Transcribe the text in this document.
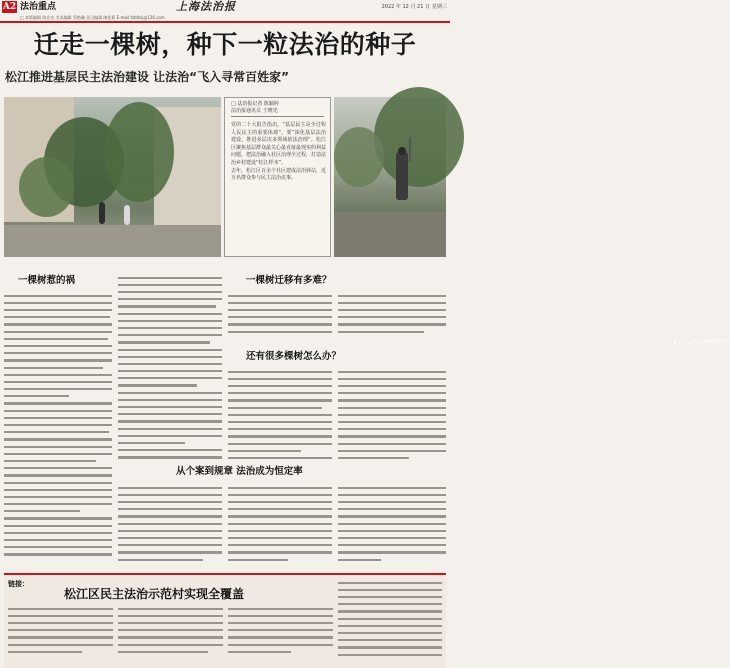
A2 法治重点	上海法治报	2022 年 12 月 21 日 星期三
□ 本版编辑 陈宏光 美术编辑 蔡艳璐 见习编辑 陶佳莉 E-mail:fzbfzsj@126.com
迁走一棵树，种下一粒法治的种子
松江推进基层民主法治建设 让法治“飞入寻常百姓家”
□ 法治报记者 陈颖婷
法治报通讯员 王晓光
党的二十大报告指出，“基层民主是全过程人民民主的重要体现”。要“深化基层法治建设，推进多层次多领域依法治理”。松江区聚焦基层群众最关心最直接最现实的利益问题，把法治融入社区治理全过程，打造法治乡村建设“松江样本”。
去年，松江区百余个社区建成法治驿站，近万名群众参与民主法治议事。
▲工作人员正在修剪楼前树木
一棵树惹的祸	一棵树迁移有多难？
还有很多棵树怎么办？
从个案到规章 法治成为恒定率
链接：
松江区民主法治示范村实现全覆盖
